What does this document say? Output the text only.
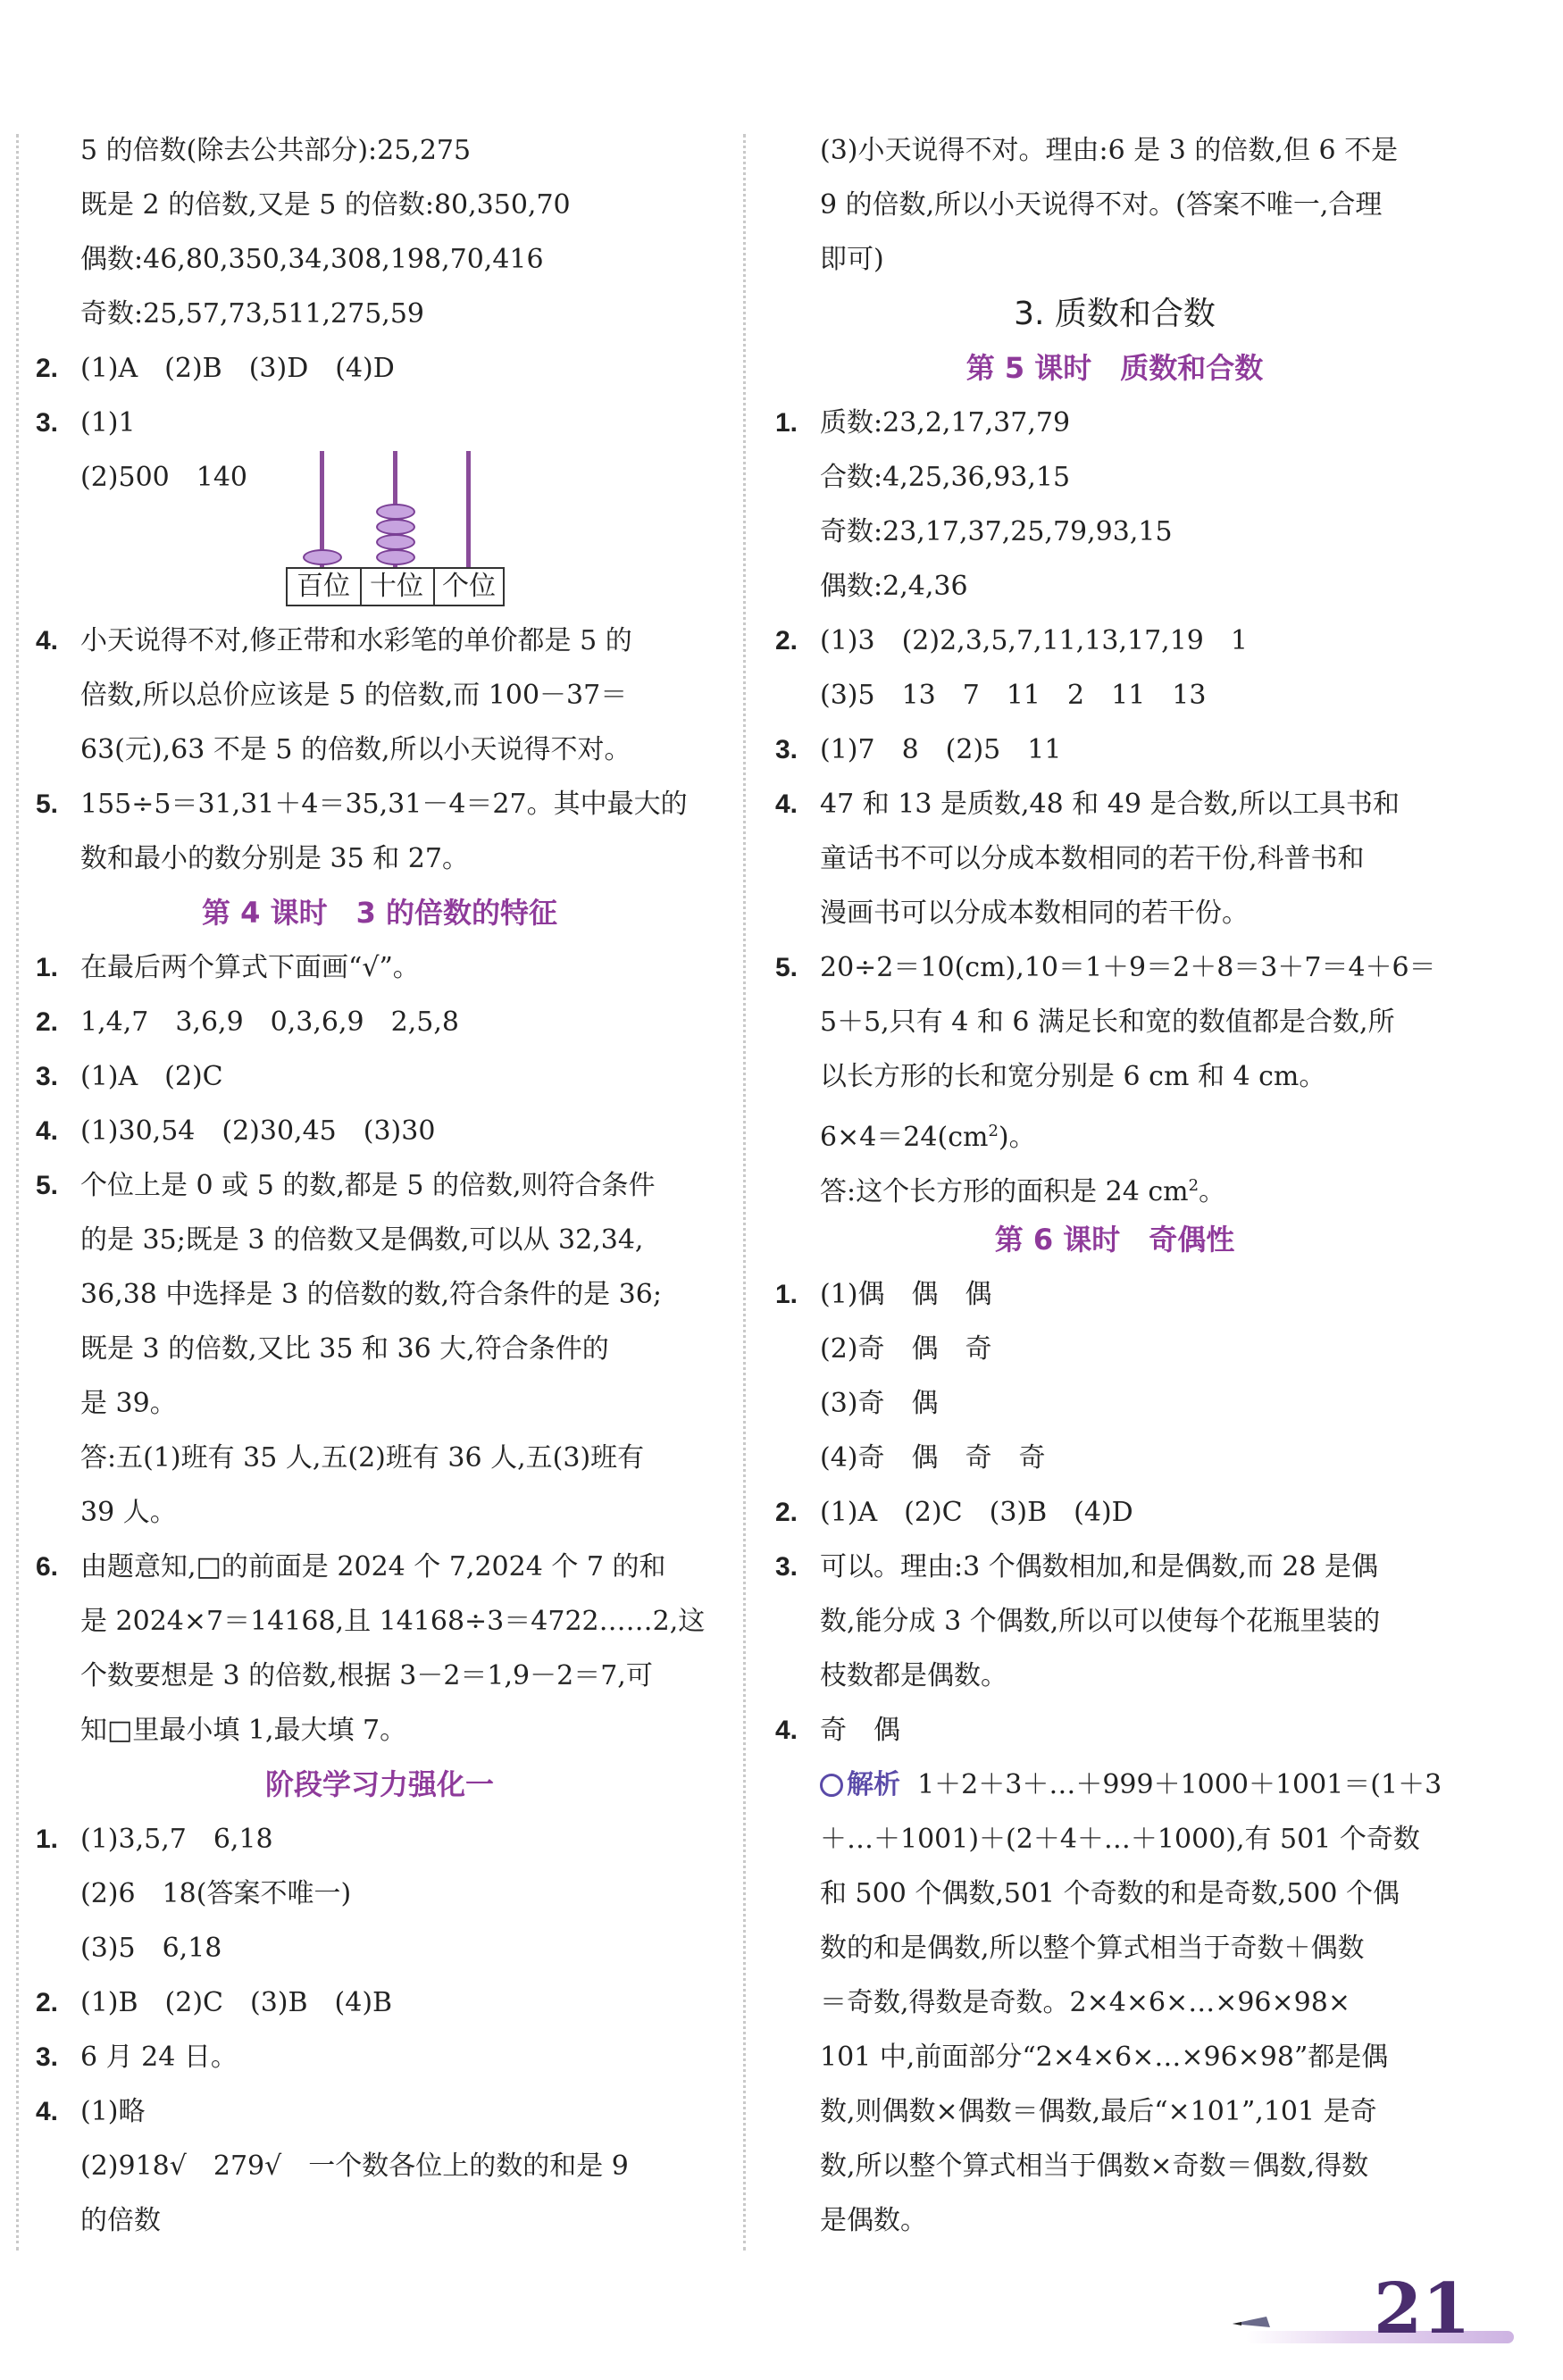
5 的倍数(除去公共部分):25,275
既是 2 的倍数,又是 5 的倍数:80,350,70
偶数:46,80,350,34,308,198,70,416
奇数:25,57,73,511,275,59
2. (1)A　(2)B　(3)D　(4)D
3. (1)1
(2)500　140
4. 小天说得不对,修正带和水彩笔的单价都是 5 的
倍数,所以总价应该是 5 的倍数,而 100－37＝
63(元),63 不是 5 的倍数,所以小天说得不对。
5. 155÷5＝31,31＋4＝35,31－4＝27。其中最大的
数和最小的数分别是 35 和 27。
第 4 课时　3 的倍数的特征
1. 在最后两个算式下面画“√”。
2. 1,4,7　3,6,9　0,3,6,9　2,5,8
3. (1)A　(2)C
4. (1)30,54　(2)30,45　(3)30
5. 个位上是 0 或 5 的数,都是 5 的倍数,则符合条件
的是 35;既是 3 的倍数又是偶数,可以从 32,34,
36,38 中选择是 3 的倍数的数,符合条件的是 36;
既是 3 的倍数,又比 35 和 36 大,符合条件的
是 39。
答:五(1)班有 35 人,五(2)班有 36 人,五(3)班有
39 人。
6. 由题意知,□的前面是 2024 个 7,2024 个 7 的和
是 2024×7＝14168,且 14168÷3＝4722……2,这
个数要想是 3 的倍数,根据 3－2＝1,9－2＝7,可
知□里最小填 1,最大填 7。
阶段学习力强化一
1. (1)3,5,7　6,18
(2)6　18(答案不唯一)
(3)5　6,18
2. (1)B　(2)C　(3)B　(4)B
3. 6 月 24 日。
4. (1)略
(2)918√　279√　一个数各位上的数的和是 9
的倍数
百位 十位 个位
(3)小天说得不对。理由:6 是 3 的倍数,但 6 不是
9 的倍数,所以小天说得不对。(答案不唯一,合理
即可)
3. 质数和合数
第 5 课时　质数和合数
1. 质数:23,2,17,37,79
合数:4,25,36,93,15
奇数:23,17,37,25,79,93,15
偶数:2,4,36
2. (1)3　(2)2,3,5,7,11,13,17,19　1
(3)5　13　7　11　2　11　13
3. (1)7　8　(2)5　11
4. 47 和 13 是质数,48 和 49 是合数,所以工具书和
童话书不可以分成本数相同的若干份,科普书和
漫画书可以分成本数相同的若干份。
5. 20÷2＝10(cm),10＝1＋9＝2＋8＝3＋7＝4＋6＝
5＋5,只有 4 和 6 满足长和宽的数值都是合数,所
以长方形的长和宽分别是 6 cm 和 4 cm。
$6\times 4=24(cm^2)$。
答:这个长方形的面积是 24 $cm^2$。
第 6 课时　奇偶性
1. (1)偶　偶　偶
(2)奇　偶　奇
(3)奇　偶
(4)奇　偶　奇　奇
2. (1)A　(2)C　(3)B　(4)D
3. 可以。理由:3 个偶数相加,和是偶数,而 28 是偶
数,能分成 3 个偶数,所以可以使每个花瓶里装的
枝数都是偶数。
4. 奇　偶
解析 1＋2＋3＋…＋999＋1000＋1001＝(1＋3
＋…＋1001)＋(2＋4＋…＋1000),有 501 个奇数
和 500 个偶数,501 个奇数的和是奇数,500 个偶
数的和是偶数,所以整个算式相当于奇数＋偶数
＝奇数,得数是奇数。2×4×6×…×96×98×
101 中,前面部分“2×4×6×…×96×98”都是偶
数,则偶数×偶数＝偶数,最后“×101”,101 是奇
数,所以整个算式相当于偶数×奇数＝偶数,得数
是偶数。
21
